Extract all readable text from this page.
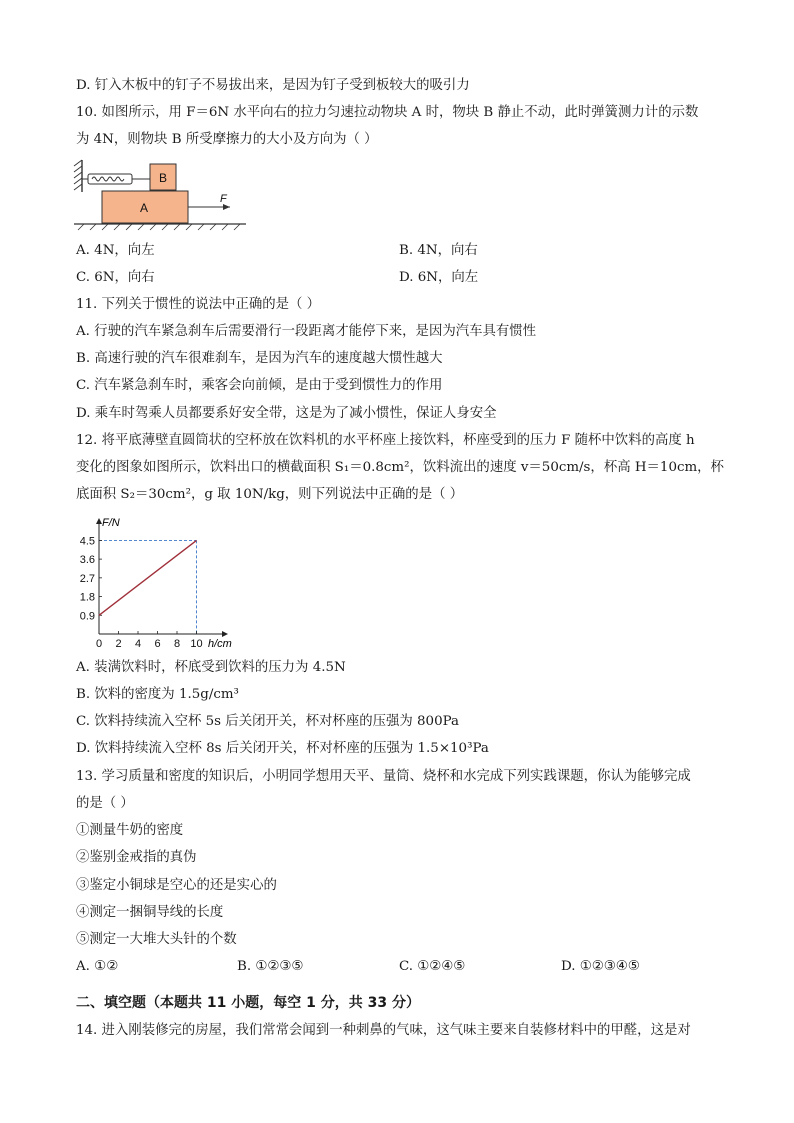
D. 钉入木板中的钉子不易拔出来，是因为钉子受到板较大的吸引力
10. 如图所示，用 F＝6N 水平向右的拉力匀速拉动物块 A 时，物块 B 静止不动，此时弹簧测力计的示数
为 4N，则物块 B 所受摩擦力的大小及方向为（ ）
B
A
F
A. 4N，向左	B. 4N，向右
C. 6N，向右	D. 6N，向左
11. 下列关于惯性的说法中正确的是（ ）
A. 行驶的汽车紧急刹车后需要滑行一段距离才能停下来，是因为汽车具有惯性
B. 高速行驶的汽车很难刹车，是因为汽车的速度越大惯性越大
C. 汽车紧急刹车时，乘客会向前倾，是由于受到惯性力的作用
D. 乘车时驾乘人员都要系好安全带，这是为了减小惯性，保证人身安全
12. 将平底薄壁直圆筒状的空杯放在饮料机的水平杯座上接饮料，杯座受到的压力 F 随杯中饮料的高度 h
变化的图象如图所示，饮料出口的横截面积 S₁＝0.8cm²，饮料流出的速度 v＝50cm/s，杯高 H＝10cm，杯
底面积 S₂＝30cm²，g 取 10N/kg，则下列说法中正确的是（ ）
0 2 4 6 8 10
0.9
1.8
2.7
3.6
4.5
F/N
h/cm
A. 装满饮料时，杯底受到饮料的压力为 4.5N
B. 饮料的密度为 1.5g/cm³
C. 饮料持续流入空杯 5s 后关闭开关，杯对杯座的压强为 800Pa
D. 饮料持续流入空杯 8s 后关闭开关，杯对杯座的压强为 1.5×10³Pa
13. 学习质量和密度的知识后，小明同学想用天平、量筒、烧杯和水完成下列实践课题，你认为能够完成
的是（ ）
①测量牛奶的密度
②鉴别金戒指的真伪
③鉴定小铜球是空心的还是实心的
④测定一捆铜导线的长度
⑤测定一大堆大头针的个数
A. ①②	B. ①②③⑤	C. ①②④⑤	D. ①②③④⑤
二、填空题（本题共 11 小题，每空 1 分，共 33 分）
14. 进入刚装修完的房屋，我们常常会闻到一种刺鼻的气味，这气味主要来自装修材料中的甲醛，这是对
